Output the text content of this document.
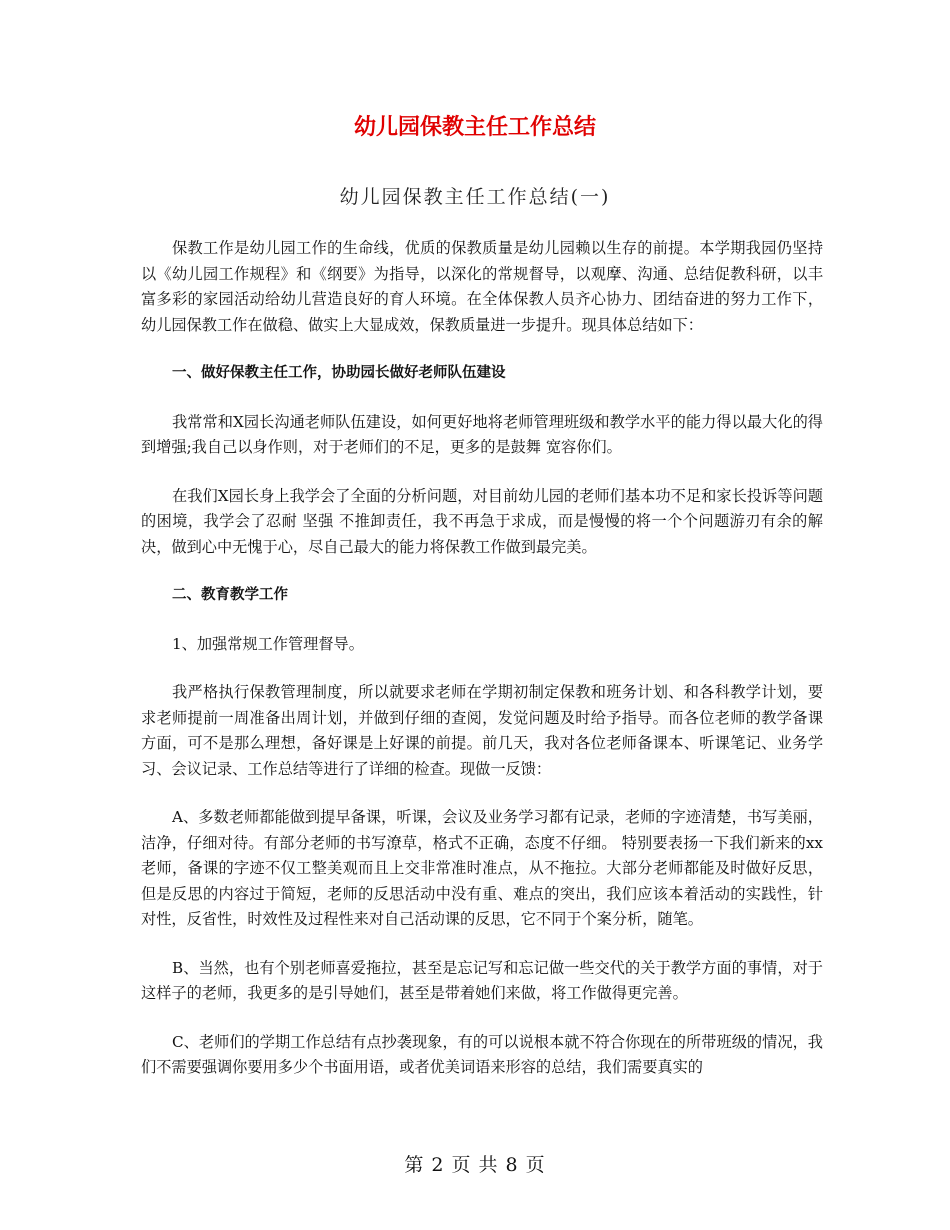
幼儿园保教主任工作总结
幼儿园保教主任工作总结(一)

保教工作是幼儿园工作的生命线，优质的保教质量是幼儿园赖以生存的前提。本学期我园仍坚持以《幼儿园工作规程》和《纲要》为指导，以深化的常规督导，以观摩、沟通、总结促教科研，以丰富多彩的家园活动给幼儿营造良好的育人环境。在全体保教人员齐心协力、团结奋进的努力工作下，幼儿园保教工作在做稳、做实上大显成效，保教质量进一步提升。现具体总结如下：

一、做好保教主任工作，协助园长做好老师队伍建设

我常常和X园长沟通老师队伍建设，如何更好地将老师管理班级和教学水平的能力得以最大化的得到增强;我自己以身作则，对于老师们的不足，更多的是鼓舞 宽容你们。

在我们X园长身上我学会了全面的分析问题，对目前幼儿园的老师们基本功不足和家长投诉等问题的困境，我学会了忍耐 坚强 不推卸责任，我不再急于求成，而是慢慢的将一个个问题游刃有余的解决，做到心中无愧于心，尽自己最大的能力将保教工作做到最完美。

二、教育教学工作

1、加强常规工作管理督导。

我严格执行保教管理制度，所以就要求老师在学期初制定保教和班务计划、和各科教学计划，要求老师提前一周准备出周计划，并做到仔细的查阅，发觉问题及时给予指导。而各位老师的教学备课方面，可不是那么理想，备好课是上好课的前提。前几天，我对各位老师备课本、听课笔记、业务学习、会议记录、工作总结等进行了详细的检查。现做一反馈：

A、多数老师都能做到提早备课，听课，会议及业务学习都有记录，老师的字迹清楚，书写美丽，洁净，仔细对待。有部分老师的书写潦草，格式不正确，态度不仔细。 特别要表扬一下我们新来的xx老师，备课的字迹不仅工整美观而且上交非常准时准点，从不拖拉。大部分老师都能及时做好反思，但是反思的内容过于简短，老师的反思活动中没有重、难点的突出，我们应该本着活动的实践性，针对性，反省性，时效性及过程性来对自己活动课的反思，它不同于个案分析，随笔。

B、当然，也有个别老师喜爱拖拉，甚至是忘记写和忘记做一些交代的关于教学方面的事情，对于这样子的老师，我更多的是引导她们，甚至是带着她们来做，将工作做得更完善。

C、老师们的学期工作总结有点抄袭现象，有的可以说根本就不符合你现在的所带班级的情况，我们不需要强调你要用多少个书面用语，或者优美词语来形容的总结，我们需要真实的

第 2 页 共 8 页
